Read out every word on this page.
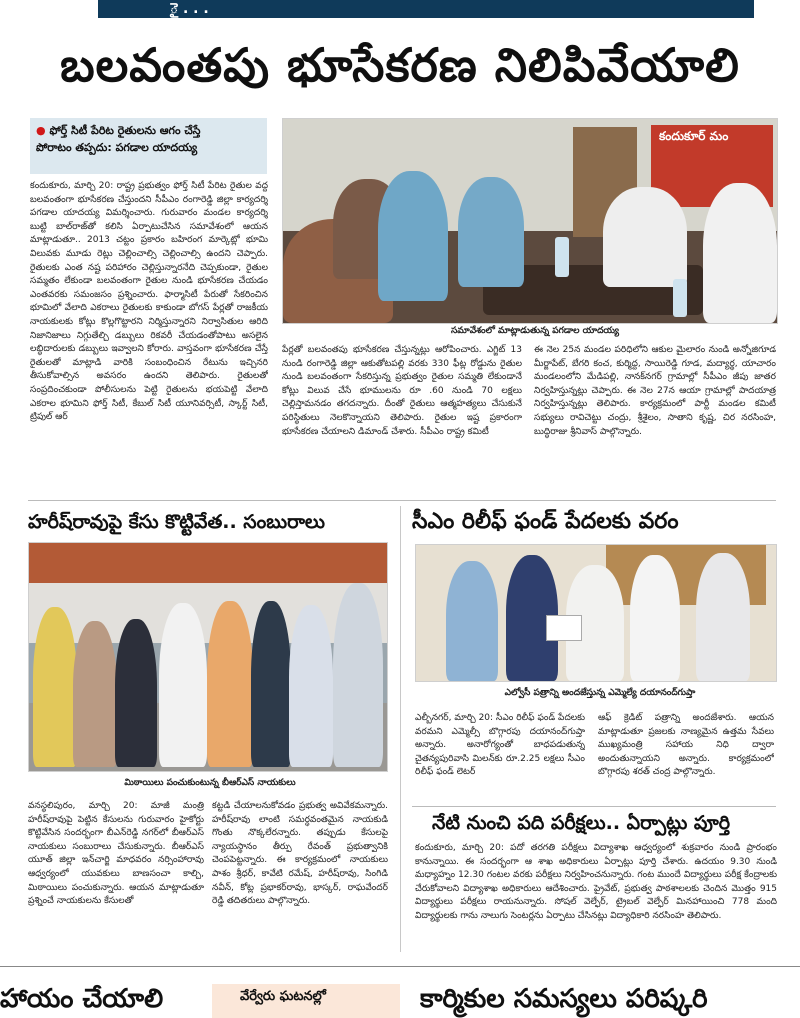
ై . . .
బలవంతపు భూసేకరణ నిలిపివేయాలి
● ఫోర్త్ సిటీ పేరిట రైతులను ఆగం చేస్తే
పోరాటం తప్పదు: పగడాల యాదయ్య
కందుకూర్ మం
సమావేశంలో మాట్లాడుతున్న పగడాల యాదయ్య
కందుకూరు, మార్చి 20: రాష్ట్ర ప్రభుత్వం ఫోర్త్ సిటీ పేరిట రైతుల వద్ద బలవంతంగా భూసేకరణ చేస్తుందని సీపీఎం రంగారెడ్డి జిల్లా కార్యదర్శి పగడాల యాదయ్య విమర్శించారు. గురువారం మండల కార్యదర్శి బుట్టి బాల్‌రాజ్‌తో కలిసి ఏర్పాటుచేసిన సమావేశంలో ఆయన మాట్లాడుతూ.. 2013 చట్టం ప్రకారం బహిరంగ మార్కెట్లో భూమి విలువకు మూడు రెట్లు చెల్లించాల్సి చెల్లించాల్సి ఉందని చెప్పారు. రైతులకు ఎంత నష్ట పరిహారం చెల్లిస్తున్నారనేది చెప్పకుండా, రైతుల సమ్మతం లేకుండా బలవంతంగా రైతుల నుండి భూసేకరణ చేయడం ఎంతవరకు సమంజసం ప్రశ్నించారు. ఫార్మాసిటీ పేరుతో సేకరించిన భూమిలో వేలాది ఎకరాలు రైతులకు కాకుండా బోగస్ పేర్లతో రాజకీయ నాయకులకు కోట్లు కొల్లగొట్టారని నిర్మిస్తున్నారని నిర్వాసితుల ఆరిది నిజానిజాలు నిగ్గుతేల్చి డబ్బులు రికవరీ చేయడంతోపాటు అసలైన లబ్ధిదారులకు డబ్బులు ఇవ్వాలని కోరారు. వాస్తవంగా భూసేకరణ చేస్తే రైతులతో మాట్లాడి వారికి సంబంధించిన రేటును ఇచ్చినరి తీసుకోవాల్సిన అవసరం ఉందని తెలిపారు. రైతులతో సంప్రదించకుండా పోలీసులను పెట్టి రైతులను భయపెట్టి వేలాది ఎకరాల భూమిని ఫోర్త్ సిటీ, కేబుల్ సిటీ యూనివర్సిటీ, స్కార్ట్ సిటీ, ట్రిపుల్ ఆర్
పేర్లతో బలవంతపు భూసేకరణ చేస్తున్నట్లు ఆరోపించారు. ఎగ్జిట్ 13 నుండి రంగారెడ్డి జిల్లా ఆకుతోటపల్లి వరకు 330 ఫీట్ల రోడ్డును రైతుల నుండి బలవంతంగా సేకరిస్తున్న ప్రభుత్వం రైతుల సమ్మతి లేకుండానే కోట్లు విలువ చేసే భూములను రూ .60 నుండి 70 లక్షలు చెల్లిస్తామనడం తగదన్నారు. దీంతో రైతులు ఆత్మహత్యలు చేసుకునే పరిస్థితులు నెలకొన్నాయని తెలిపారు. రైతుల ఇష్ట ప్రకారంగా భూసేకరణ చేయాలని డిమాండ్ చేశారు. సీపీఎం రాష్ట్ర కమిటీ
ఈ నెల 25న మండల పరిధిలోని ఆకుల మైలారం నుండి అన్నోజిగూడ మీర్జాపేట్, బేగరి కంచ, కుర్మిద్ద, సాయిరెడ్డి గూడ, మద్యార్థ, యాచారం మండలంలోని మేడిపల్లి, నానక్‌నగర్ గ్రామాల్లో సీపీఎం జీపు జాతర నిర్వహిస్తున్నట్లు చెప్పారు. ఈ నెల 27న ఆయా గ్రామాల్లో పాదయాత్ర నిర్వహిస్తున్నట్లు తెలిపారు. కార్యక్రమంలో పార్టీ మండల కమిటీ సభ్యులు రావిచెట్టు చంద్రు, శ్రీశైలం, సాతాని కృష్ణ, చిర నరసింహ, బుద్ధిరాజు శ్రీనివాస్ పాల్గొన్నారు.
హరీష్‌రావుపై కేసు కొట్టివేత.. సంబురాలు
మిఠాయిలు పంచుకుంటున్న బీఆర్ఎస్ నాయకులు
వనస్థలిపురం, మార్చి 20: మాజీ మంత్రి హరీష్‌రావుపై పెట్టిన కేసులను గురువారం హైకోర్టు కొట్టివేసిన సందర్భంగా బీఎన్‌రెడ్డి నగర్‌లో బీఆర్ఎస్ నాయకులు సంబురాలు చేసుకున్నారు. బీఆర్ఎస్ యూత్ జిల్లా ఇన్‌చార్జి మాధవరం నర్సింహారావు ఆధ్వర్యంలో యువకులు బాణసంచా కాల్చి, మిఠాయిలు పంచుకున్నారు. ఆయన మాట్లాడుతూ ప్రశ్నించే నాయకులను కేసులతో
కట్టడి చేయాలనుకోవడం ప్రభుత్వ అవివేకమన్నారు. హరీష్‌రావు లాంటి సమర్ధవంతమైన నాయకుడి గొంతు నొక్కలేరన్నారు. తప్పుడు కేసులపై న్యాయస్థానం తీర్పు రేవంత్ ప్రభుత్వానికి చెంపపెట్టన్నారు. ఈ కార్యక్రమంలో నాయకులు పాశం శ్రీధర్, కావేటి రమేష్, హరీష్‌రావు, సింగిడి నవీన్, కోట్ల ప్రభాకర్‌రావు, భాస్కర్, రాఘవేందర్ రెడ్డి తదితరులు పాల్గొన్నారు.
సీఎం రిలీఫ్ ఫండ్ పేదలకు వరం
ఎల్వోసీ పత్రాన్ని అందజేస్తున్న ఎమ్మెల్యే దయానంద్‌గుప్తా
ఎల్బీనగర్, మార్చి 20: సీఎం రిలీఫ్ ఫండ్ పేదలకు వరమని ఎమ్మెల్సీ బొగ్గారపు దయానంద్‌గుప్తా అన్నారు. అనారోగ్యంతో బాధపడుతున్న చైతన్యపురివాసి మిలన్‌కు రూ.2.25 లక్షలు సీఎం రిలీఫ్ ఫండ్ లెటర్
ఆఫ్ క్రెడిట్ పత్రాన్ని అందజేశారు. ఆయన మాట్లాడుతూ ప్రజలకు నాణ్యమైన ఉత్తమ సేవలు ముఖ్యమంత్రి సహాయ నిధి ద్వారా అందుతున్నాయని అన్నారు. కార్యక్రమంలో బొగ్గారపు శరత్ చంద్ర పాల్గొన్నారు.
నేటి నుంచి పది పరీక్షలు.. ఏర్పాట్లు పూర్తి
కందుకూరు, మార్చి 20: పదో తరగతి పరీక్షలు విద్యాశాఖ ఆధ్వర్యంలో శుక్రవారం నుండి ప్రారంభం కానున్నాయి. ఈ సందర్భంగా ఆ శాఖ అధికారులు ఏర్పాట్లు పూర్తి చేశారు. ఉదయం 9.30 నుండి మధ్యాహ్నం 12.30 గంటల వరకు పరీక్షలు నిర్వహించనున్నారు. గంట ముందే విద్యార్థులు పరీక్ష కేంద్రాలకు చేరుకోవాలని విద్యాశాఖ అధికారులు ఆదేశించారు. ప్రైవేట్, ప్రభుత్వ పాఠశాలలకు చెందిన మొత్తం 915 విద్యార్థులు పరీక్షలు రాయనున్నారు. సోషల్ వెల్ఫేర్, ట్రైబల్ వెల్ఫేర్ మినహాయించి 778 మంది విద్యార్థులకు గాను నాలుగు సెంటర్లను ఏర్పాటు చేసినట్లు విద్యాధికారి నరసింహ తెలిపారు.
హాయం చేయాలి	వేర్వేరు ఘటనల్లో	కార్మికుల సమస్యలు పరిష్కరి
